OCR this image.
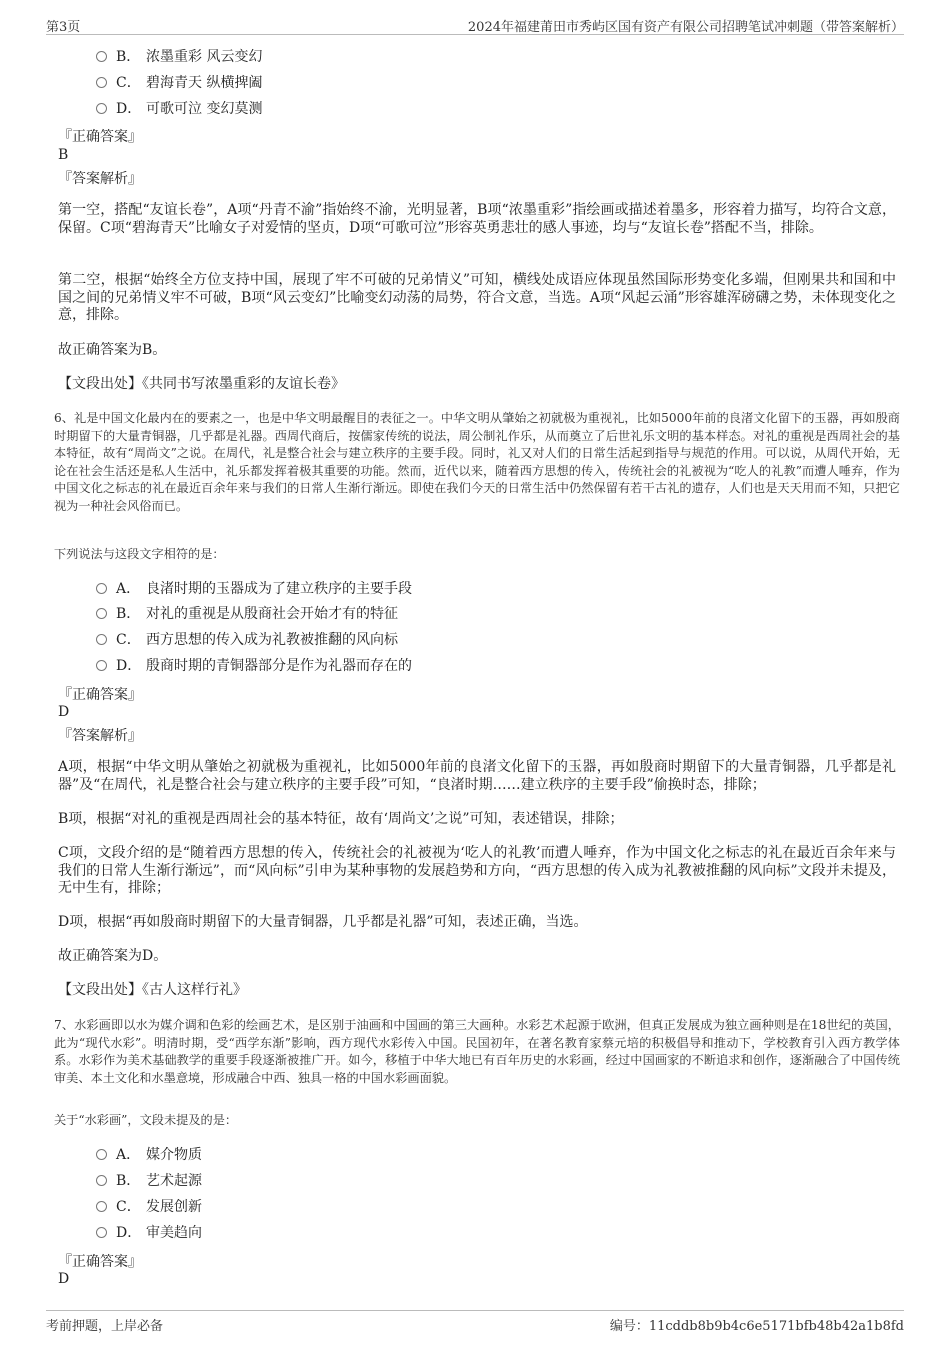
第3页	2024年福建莆田市秀屿区国有资产有限公司招聘笔试冲刺题（带答案解析）
B． 浓墨重彩 风云变幻
C． 碧海青天 纵横捭阖
D． 可歌可泣 变幻莫测
『正确答案』
B
『答案解析』
第一空，搭配“友谊长卷”，A项“丹青不渝”指始终不渝，光明显著，B项“浓墨重彩”指绘画或描述着墨多，形容着力描写，均符合文意，保留。C项“碧海青天”比喻女子对爱情的坚贞，D项“可歌可泣”形容英勇悲壮的感人事迹，均与“友谊长卷”搭配不当，排除。
第二空，根据“始终全方位支持中国，展现了牢不可破的兄弟情义”可知，横线处成语应体现虽然国际形势变化多端，但刚果共和国和中国之间的兄弟情义牢不可破，B项“风云变幻”比喻变幻动荡的局势，符合文意，当选。A项“风起云涌”形容雄浑磅礴之势，未体现变化之意，排除。
故正确答案为B。
【文段出处】《共同书写浓墨重彩的友谊长卷》
6、礼是中国文化最内在的要素之一，也是中华文明最醒目的表征之一。中华文明从肇始之初就极为重视礼，比如5000年前的良渚文化留下的玉器，再如殷商时期留下的大量青铜器，几乎都是礼器。西周代商后，按儒家传统的说法，周公制礼作乐，从而奠立了后世礼乐文明的基本样态。对礼的重视是西周社会的基本特征，故有“周尚文”之说。在周代，礼是整合社会与建立秩序的主要手段。同时，礼又对人们的日常生活起到指导与规范的作用。可以说，从周代开始，无论在社会生活还是私人生活中，礼乐都发挥着极其重要的功能。然而，近代以来，随着西方思想的传入，传统社会的礼被视为“吃人的礼教”而遭人唾弃，作为中国文化之标志的礼在最近百余年来与我们的日常人生渐行渐远。即使在我们今天的日常生活中仍然保留有若干古礼的遗存，人们也是天天用而不知，只把它视为一种社会风俗而已。
下列说法与这段文字相符的是：
A． 良渚时期的玉器成为了建立秩序的主要手段
B． 对礼的重视是从殷商社会开始才有的特征
C． 西方思想的传入成为礼教被推翻的风向标
D． 殷商时期的青铜器部分是作为礼器而存在的
『正确答案』
D
『答案解析』
A项，根据“中华文明从肇始之初就极为重视礼，比如5000年前的良渚文化留下的玉器，再如殷商时期留下的大量青铜器，几乎都是礼器”及“在周代，礼是整合社会与建立秩序的主要手段”可知，“良渚时期……建立秩序的主要手段”偷换时态，排除；
B项，根据“对礼的重视是西周社会的基本特征，故有‘周尚文’之说”可知，表述错误，排除；
C项，文段介绍的是“随着西方思想的传入，传统社会的礼被视为‘吃人的礼教’而遭人唾弃，作为中国文化之标志的礼在最近百余年来与我们的日常人生渐行渐远”，而“风向标”引申为某种事物的发展趋势和方向，“西方思想的传入成为礼教被推翻的风向标”文段并未提及，无中生有，排除；
D项，根据“再如殷商时期留下的大量青铜器，几乎都是礼器”可知，表述正确，当选。
故正确答案为D。
【文段出处】《古人这样行礼》
7、水彩画即以水为媒介调和色彩的绘画艺术，是区别于油画和中国画的第三大画种。水彩艺术起源于欧洲，但真正发展成为独立画种则是在18世纪的英国，此为“现代水彩”。明清时期，受“西学东渐”影响，西方现代水彩传入中国。民国初年，在著名教育家蔡元培的积极倡导和推动下，学校教育引入西方教学体系。水彩作为美术基础教学的重要手段逐渐被推广开。如今，移植于中华大地已有百年历史的水彩画，经过中国画家的不断追求和创作，逐渐融合了中国传统审美、本土文化和水墨意境，形成融合中西、独具一格的中国水彩画面貌。
关于“水彩画”，文段未提及的是：
A． 媒介物质
B． 艺术起源
C． 发展创新
D． 审美趋向
『正确答案』
D
考前押题，上岸必备	编号：11cddb8b9b4c6e5171bfb48b42a1b8fd
